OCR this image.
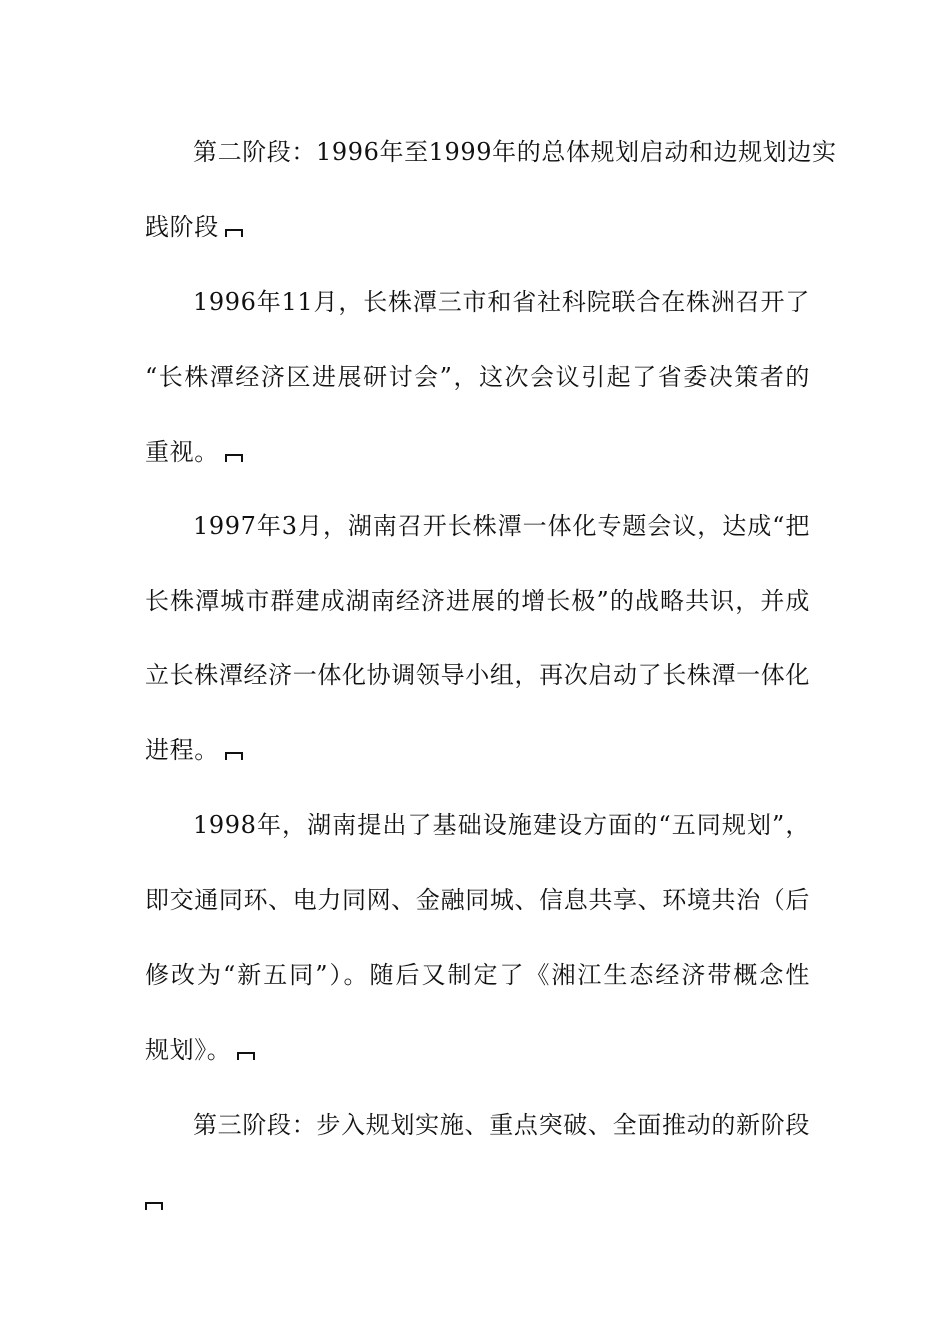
第二阶段：1996年至1999年的总体规划启动和边规划边实
践阶段
1996年11月，长株潭三市和省社科院联合在株洲召开了
“长株潭经济区进展研讨会”，这次会议引起了省委决策者的
重视。
1997年3月，湖南召开长株潭一体化专题会议，达成“把
长株潭城市群建成湖南经济进展的增长极”的战略共识，并成
立长株潭经济一体化协调领导小组，再次启动了长株潭一体化
进程。
1998年，湖南提出了基础设施建设方面的“五同规划”，
即交通同环、电力同网、金融同城、信息共享、环境共治（后
修改为“新五同”）。随后又制定了《湘江生态经济带概念性
规划》。
第三阶段：步入规划实施、重点突破、全面推动的新阶段
